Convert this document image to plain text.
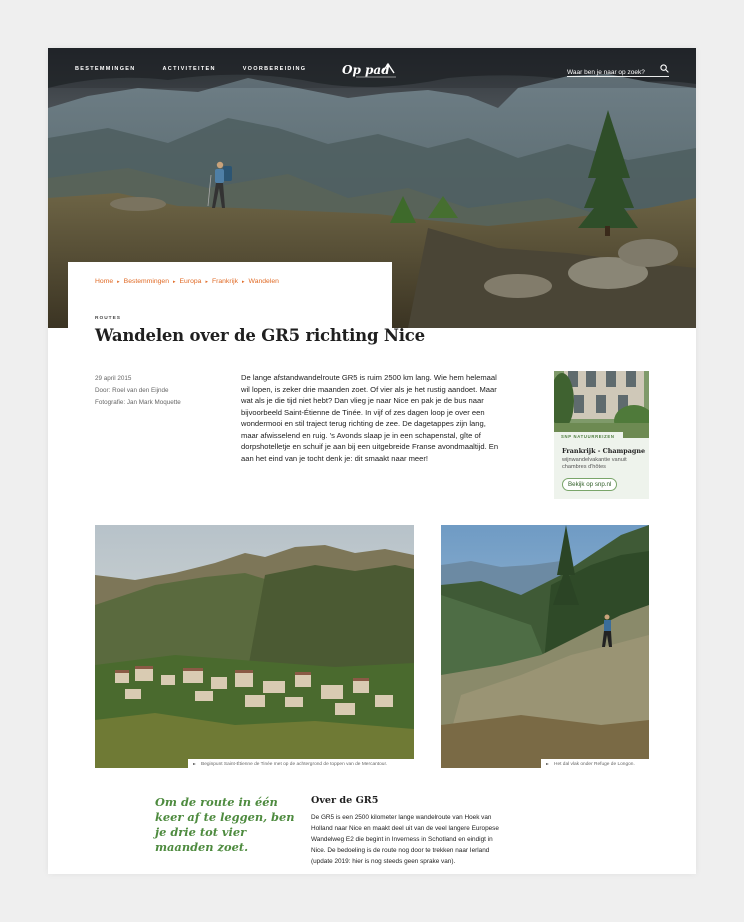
BESTEMMINGEN	ACTIVITEITEN	VOORBEREIDING	Op pad
Waar ben je naar op zoek?
Home ▸ Bestemmingen ▸ Europa ▸ Frankrijk ▸ Wandelen
ROUTES
Wandelen over de GR5 richting Nice
29 april 2015
Door: Roel van den Eijnde
Fotografie: Jan Mark Moquette

De lange afstandwandelroute GR5 is ruim 2500 km lang. Wie hem helemaal wil lopen, is zeker drie maanden zoet. Of vier als je het rustig aandoet. Maar wat als je die tijd niet hebt? Dan vlieg je naar Nice en pak je de bus naar bijvoorbeeld Saint-Étienne de Tinée. In vijf of zes dagen loop je over een wondermooi en stil traject terug richting de zee. De dagetappes zijn lang, maar afwisselend en ruig. 's Avonds slaap je in een schapenstal, gîte of dorpshotelletje en schuif je aan bij een uitgebreide Franse avondmaaltijd. En aan het eind van je tocht denk je: dit smaakt naar meer!

SNP NATUURREIZEN
Frankrijk - Champagne
wijnwandelvakantie vanuit chambres d'hôtes
Bekijk op snp.nl
Beginpunt Saint-Étienne de Tinée met op de achtergrond de toppen van de Mercantour.	Het dal vlak onder Refuge de Longon.
Om de route in één keer af te leggen, ben je drie tot vier maanden zoet.
Over de GR5

De GR5 is een 2500 kilometer lange wandelroute van Hoek van Holland naar Nice en maakt deel uit van de veel langere Europese Wandelweg E2 die begint in Inverness in Schotland en eindigt in Nice. De bedoeling is de route nog door te trekken naar Ierland (update 2019: hier is nog steeds geen sprake van).
